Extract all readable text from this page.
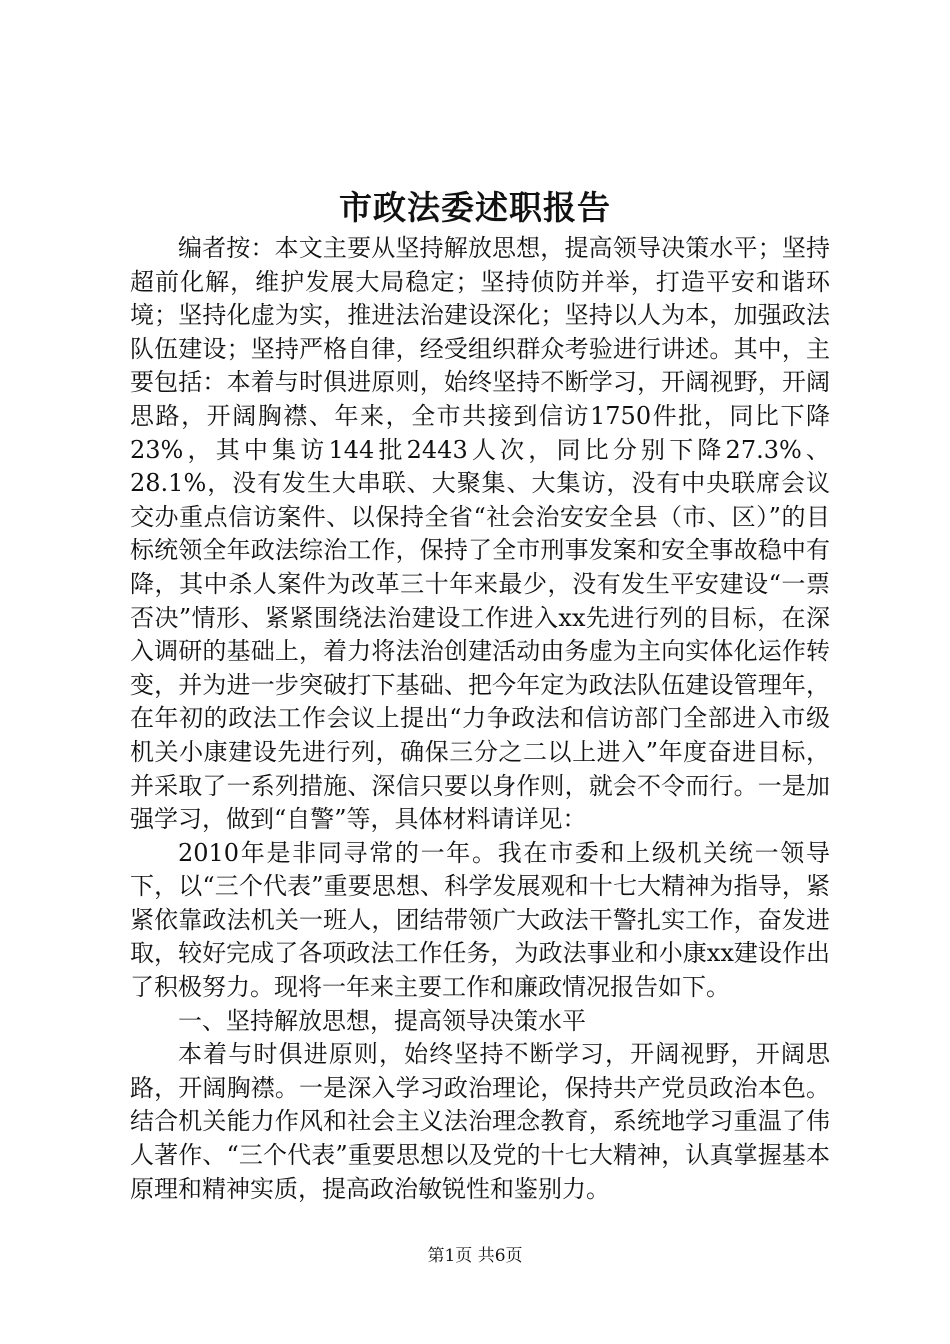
市政法委述职报告

编者按：本文主要从坚持解放思想，提高领导决策水平；坚持超前化解，维护发展大局稳定；坚持侦防并举，打造平安和谐环境；坚持化虚为实，推进法治建设深化；坚持以人为本，加强政法队伍建设；坚持严格自律，经受组织群众考验进行讲述。其中，主要包括：本着与时俱进原则，始终坚持不断学习，开阔视野，开阔思路，开阔胸襟、年来，全市共接到信访1750件批，同比下降23%，其中集访144批2443人次，同比分别下降27.3%、28.1%，没有发生大串联、大聚集、大集访，没有中央联席会议交办重点信访案件、以保持全省“社会治安安全县（市、区）”的目标统领全年政法综治工作，保持了全市刑事发案和安全事故稳中有降，其中杀人案件为改革三十年来最少，没有发生平安建设“一票否决”情形、紧紧围绕法治建设工作进入xx先进行列的目标，在深入调研的基础上，着力将法治创建活动由务虚为主向实体化运作转变，并为进一步突破打下基础、把今年定为政法队伍建设管理年，在年初的政法工作会议上提出“力争政法和信访部门全部进入市级机关小康建设先进行列，确保三分之二以上进入”年度奋进目标，并采取了一系列措施、深信只要以身作则，就会不令而行。一是加强学习，做到“自警”等，具体材料请详见：

2010年是非同寻常的一年。我在市委和上级机关统一领导下，以“三个代表”重要思想、科学发展观和十七大精神为指导，紧紧依靠政法机关一班人，团结带领广大政法干警扎实工作，奋发进取，较好完成了各项政法工作任务，为政法事业和小康xx建设作出了积极努力。现将一年来主要工作和廉政情况报告如下。

一、坚持解放思想，提高领导决策水平

本着与时俱进原则，始终坚持不断学习，开阔视野，开阔思路，开阔胸襟。一是深入学习政治理论，保持共产党员政治本色。结合机关能力作风和社会主义法治理念教育，系统地学习重温了伟人著作、“三个代表”重要思想以及党的十七大精神，认真掌握基本原理和精神实质，提高政治敏锐性和鉴别力。

第1页 共6页
